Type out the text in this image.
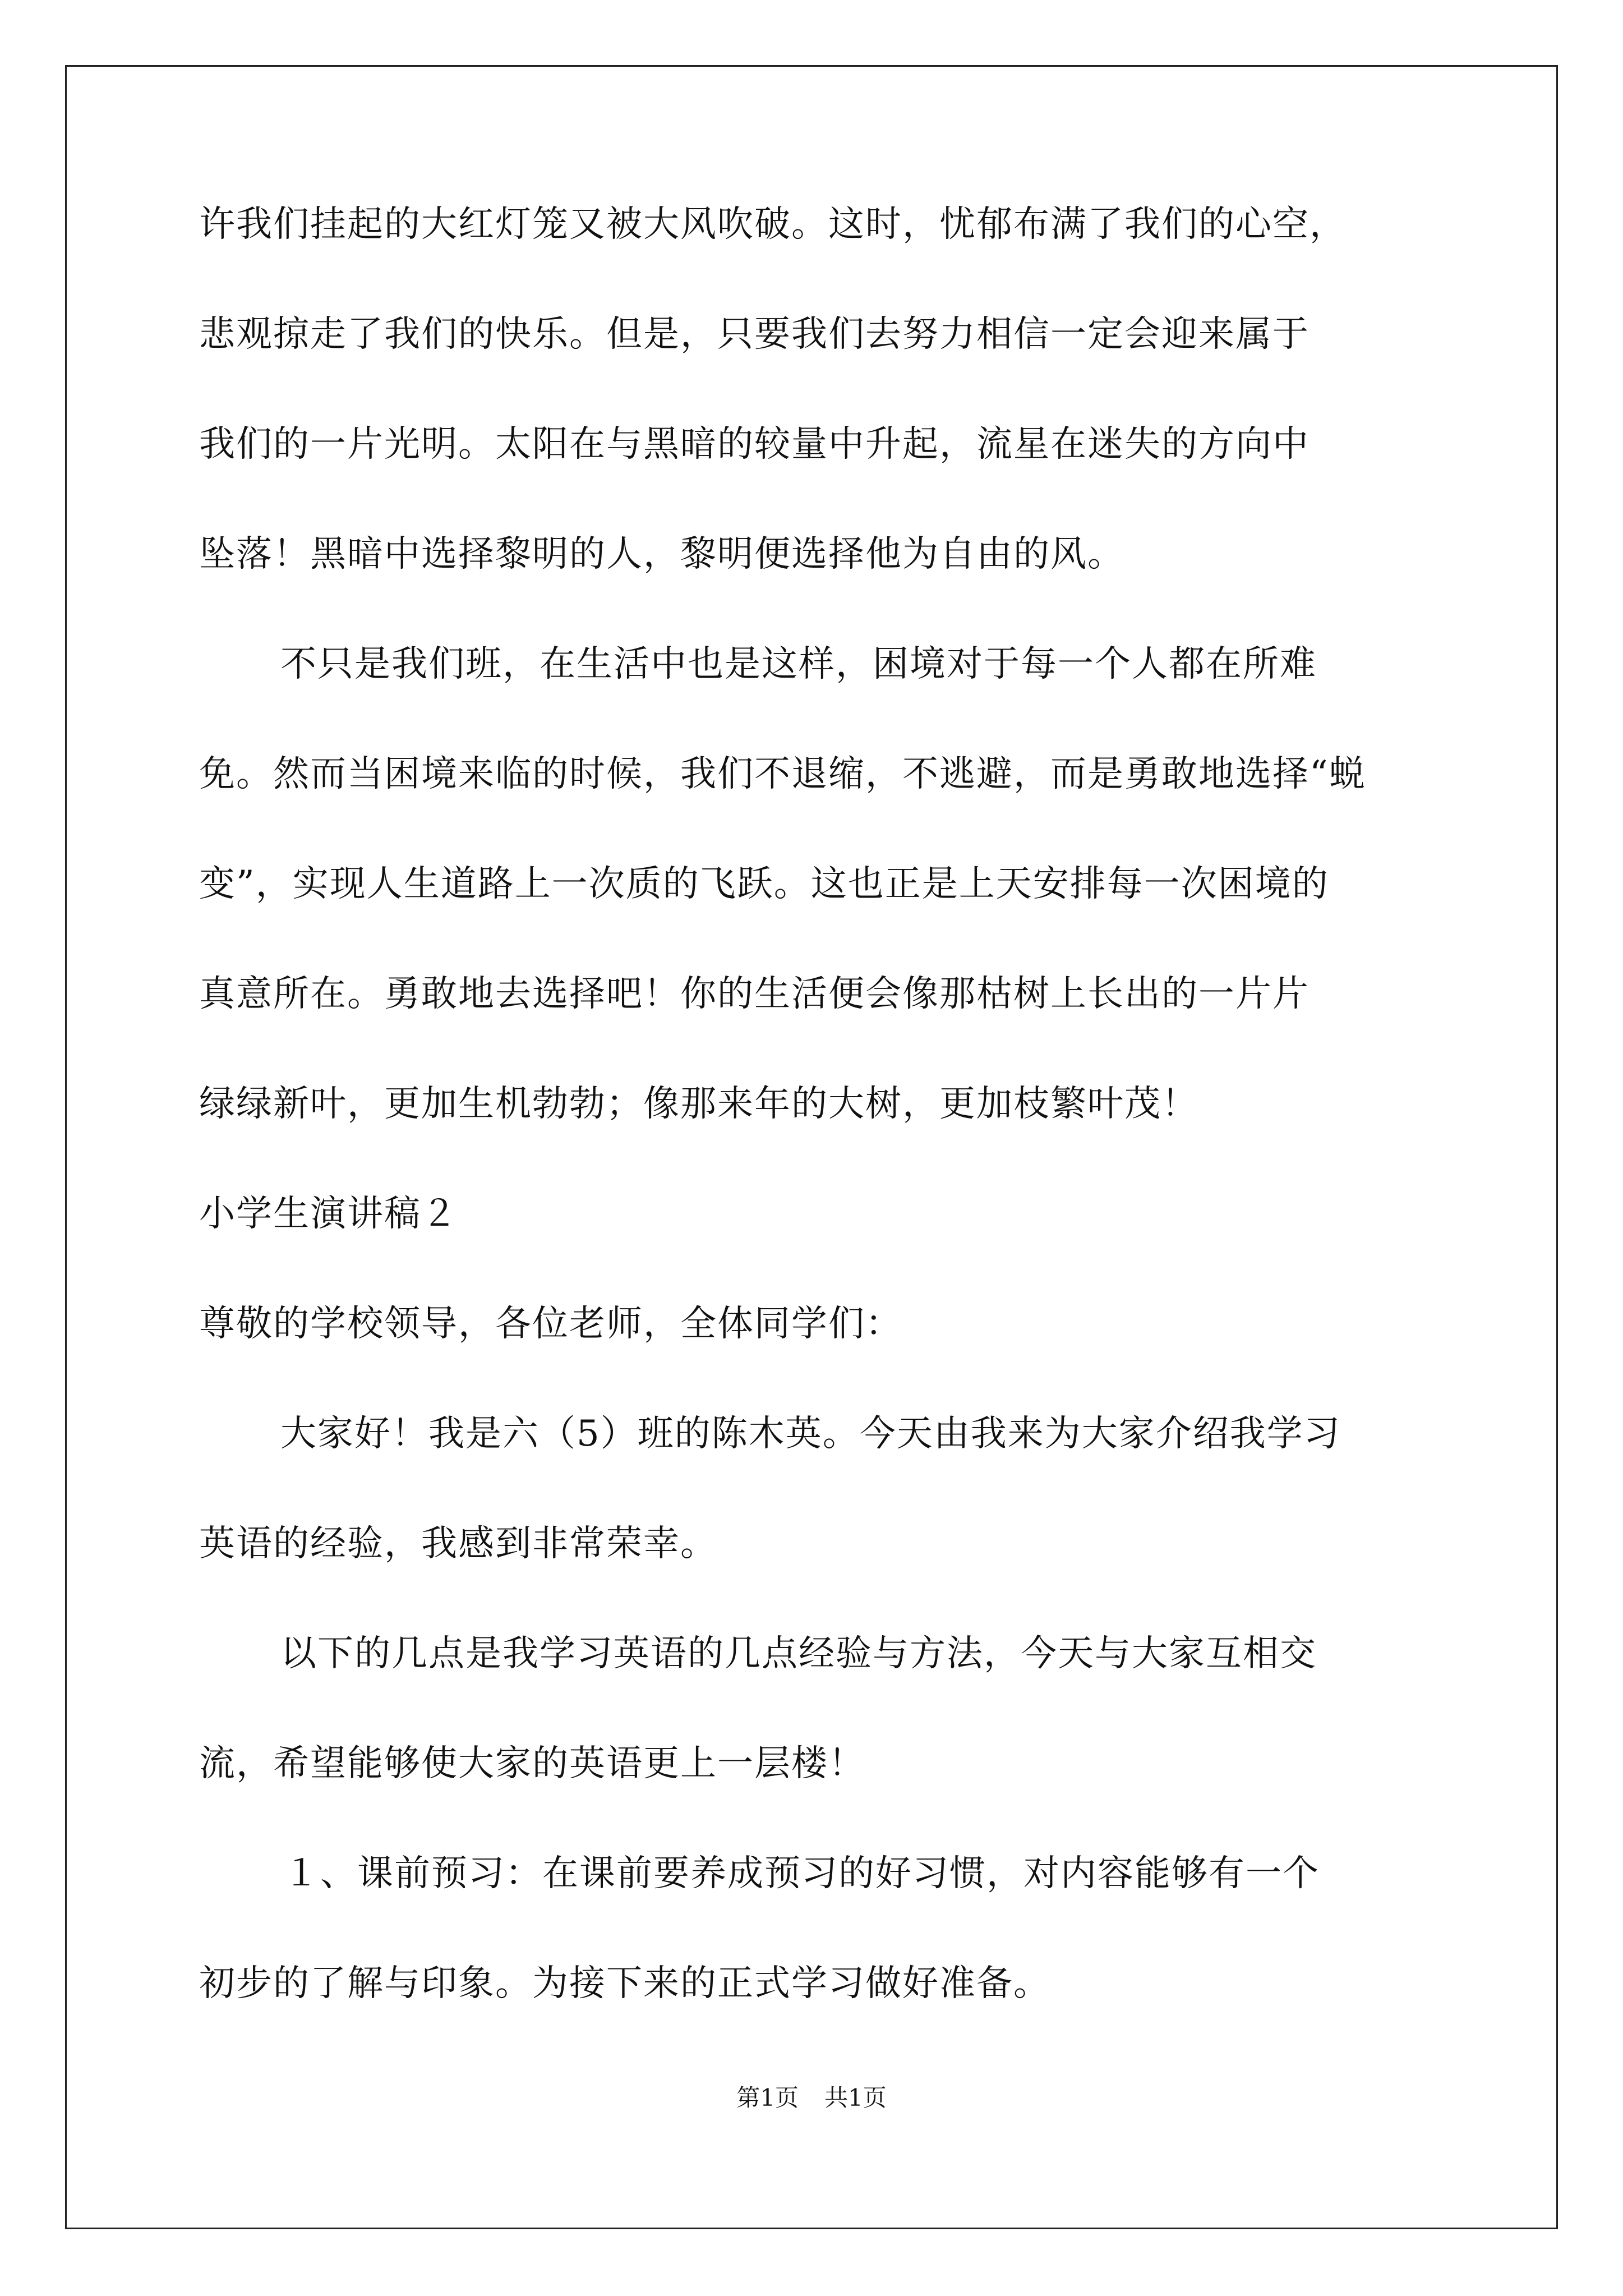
许我们挂起的大红灯笼又被大风吹破。这时，忧郁布满了我们的心空，
悲观掠走了我们的快乐。但是，只要我们去努力相信一定会迎来属于
我们的一片光明。太阳在与黑暗的较量中升起，流星在迷失的方向中
坠落！黑暗中选择黎明的人，黎明便选择他为自由的风。
不只是我们班，在生活中也是这样，困境对于每一个人都在所难
免。然而当困境来临的时候，我们不退缩，不逃避，而是勇敢地选择“蜕
变”，实现人生道路上一次质的飞跃。这也正是上天安排每一次困境的
真意所在。勇敢地去选择吧！你的生活便会像那枯树上长出的一片片
绿绿新叶，更加生机勃勃；像那来年的大树，更加枝繁叶茂！
小学生演讲稿２
尊敬的学校领导，各位老师，全体同学们：
大家好！我是六（5）班的陈木英。今天由我来为大家介绍我学习
英语的经验，我感到非常荣幸。
以下的几点是我学习英语的几点经验与方法，今天与大家互相交
流，希望能够使大家的英语更上一层楼！
１、课前预习：在课前要养成预习的好习惯，对内容能够有一个
初步的了解与印象。为接下来的正式学习做好准备。
第1页 共1页
